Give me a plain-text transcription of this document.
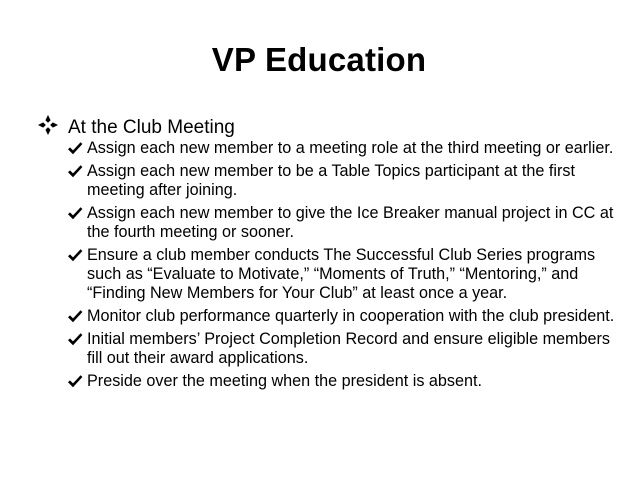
VP Education
At the Club Meeting
Assign each new member to a meeting role at the third meeting or earlier.
Assign each new member to be a Table Topics participant at the first meeting after joining.
Assign each new member to give the Ice Breaker manual project in CC at the fourth meeting or sooner.
Ensure a club member conducts The Successful Club Series programs such as “Evaluate to Motivate,” “Moments of Truth,” “Mentoring,” and “Finding New Members for Your Club” at least once a year.
Monitor club performance quarterly in cooperation with the club president.
Initial members’ Project Completion Record and ensure eligible members fill out their award applications.
Preside over the meeting when the president is absent.
